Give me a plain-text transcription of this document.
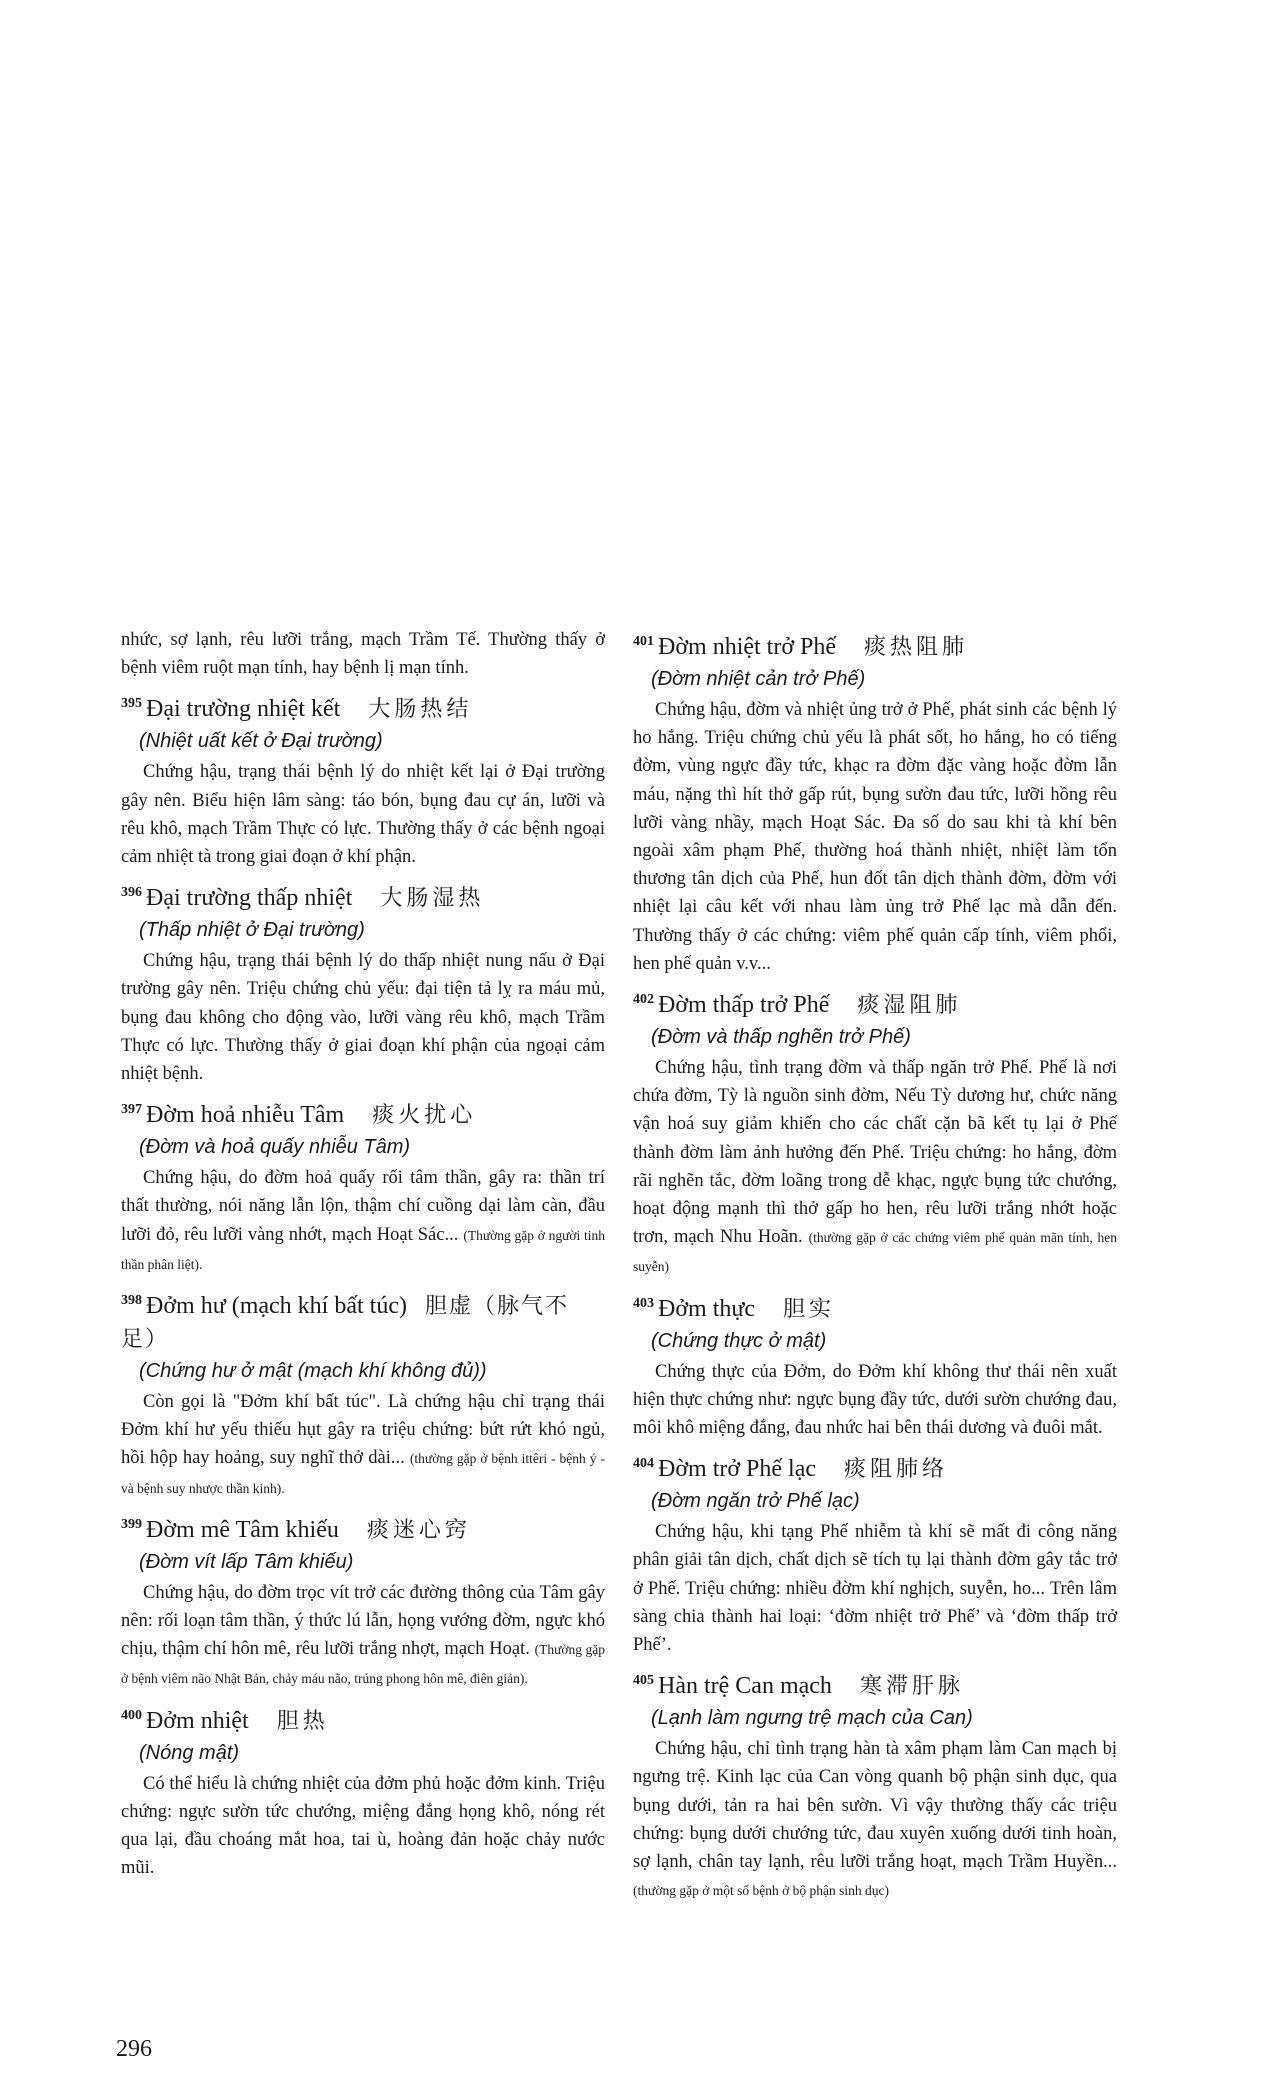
nhức, sợ lạnh, rêu lưỡi trắng, mạch Trầm Tế. Thường thấy ở bệnh viêm ruột mạn tính, hay bệnh lị mạn tính.

$^{395}$ Đại trường nhiệt kết 大肠热结
(Nhiệt uất kết ở Đại trường)

Chứng hậu, trạng thái bệnh lý do nhiệt kết lại ở Đại trường gây nên. Biểu hiện lâm sàng: táo bón, bụng đau cự án, lưỡi và rêu khô, mạch Trầm Thực có lực. Thường thấy ở các bệnh ngoại cảm nhiệt tà trong giai đoạn ở khí phận.

$^{396}$ Đại trường thấp nhiệt 大肠湿热
(Thấp nhiệt ở Đại trường)

Chứng hậu, trạng thái bệnh lý do thấp nhiệt nung nấu ở Đại trường gây nên. Triệu chứng chủ yếu: đại tiện tả lỵ ra máu mủ, bụng đau không cho động vào, lưỡi vàng rêu khô, mạch Trầm Thực có lực. Thường thấy ở giai đoạn khí phận của ngoại cảm nhiệt bệnh.

$^{397}$ Đờm hoả nhiễu Tâm 痰火扰心
(Đờm và hoả quấy nhiễu Tâm)

Chứng hậu, do đờm hoả quấy rối tâm thần, gây ra: thần trí thất thường, nói năng lẫn lộn, thậm chí cuồng dại làm càn, đầu lưỡi đỏ, rêu lưỡi vàng nhớt, mạch Hoạt Sác... (Thường gặp ở người tinh thần phân liệt).

$^{398}$ Đởm hư (mạch khí bất túc) 胆虚（脉气不足）
(Chứng hư ở mật (mạch khí không đủ))

Còn gọi là "Đởm khí bất túc". Là chứng hậu chỉ trạng thái Đởm khí hư yếu thiếu hụt gây ra triệu chứng: bứt rứt khó ngủ, hồi hộp hay hoảng, suy nghĩ thở dài... (thường gặp ở bệnh ittêri - bệnh ý - và bệnh suy nhược thần kinh).

$^{399}$ Đờm mê Tâm khiếu 痰迷心窍
(Đờm vít lấp Tâm khiếu)

Chứng hậu, do đờm trọc vít trở các đường thông của Tâm gây nên: rối loạn tâm thần, ý thức lú lẫn, họng vướng đờm, ngực khó chịu, thậm chí hôn mê, rêu lưỡi trắng nhợt, mạch Hoạt. (Thường gặp ở bệnh viêm não Nhật Bản, chảy máu não, trúng phong hôn mê, điên giản).

$^{400}$ Đởm nhiệt 胆热
(Nóng mật)

Có thể hiểu là chứng nhiệt của đởm phủ hoặc đởm kinh. Triệu chứng: ngực sườn tức chướng, miệng đắng họng khô, nóng rét qua lại, đầu choáng mắt hoa, tai ù, hoàng đản hoặc chảy nước mũi.

$^{401}$ Đờm nhiệt trở Phế 痰热阻肺
(Đờm nhiệt cản trở Phế)

Chứng hậu, đờm và nhiệt ủng trở ở Phế, phát sinh các bệnh lý ho hắng. Triệu chứng chủ yếu là phát sốt, ho hắng, ho có tiếng đờm, vùng ngực đầy tức, khạc ra đờm đặc vàng hoặc đờm lẫn máu, nặng thì hít thở gấp rút, bụng sườn đau tức, lưỡi hồng rêu lưỡi vàng nhầy, mạch Hoạt Sác. Đa số do sau khi tà khí bên ngoài xâm phạm Phế, thường hoá thành nhiệt, nhiệt làm tổn thương tân dịch của Phế, hun đốt tân dịch thành đờm, đờm với nhiệt lại câu kết với nhau làm ủng trở Phế lạc mà dẫn đến. Thường thấy ở các chứng: viêm phế quản cấp tính, viêm phổi, hen phế quản v.v...

$^{402}$ Đờm thấp trở Phế 痰湿阻肺
(Đờm và thấp nghẽn trở Phế)

Chứng hậu, tình trạng đờm và thấp ngăn trở Phế. Phế là nơi chứa đờm, Tỳ là nguồn sinh đờm, Nếu Tỳ dương hư, chức năng vận hoá suy giảm khiến cho các chất cặn bã kết tụ lại ở Phế thành đờm làm ảnh hưởng đến Phế. Triệu chứng: ho hắng, đờm rãi nghẽn tắc, đờm loãng trong dễ khạc, ngực bụng tức chướng, hoạt động mạnh thì thở gấp ho hen, rêu lưỡi trắng nhớt hoặc trơn, mạch Nhu Hoãn. (thường gặp ở các chứng viêm phế quản mãn tính, hen suyễn)

$^{403}$ Đởm thực 胆实
(Chứng thực ở mật)

Chứng thực của Đởm, do Đởm khí không thư thái nên xuất hiện thực chứng như: ngực bụng đầy tức, dưới sườn chướng đau, môi khô miệng đắng, đau nhức hai bên thái dương và đuôi mắt.

$^{404}$ Đờm trở Phế lạc 痰阻肺络
(Đờm ngăn trở Phế lạc)

Chứng hậu, khi tạng Phế nhiễm tà khí sẽ mất đi công năng phân giải tân dịch, chất dịch sẽ tích tụ lại thành đờm gây tắc trở ở Phế. Triệu chứng: nhiều đờm khí nghịch, suyễn, ho... Trên lâm sàng chia thành hai loại: ‘đờm nhiệt trở Phế’ và ‘đờm thấp trở Phế’.

$^{405}$ Hàn trệ Can mạch 寒滞肝脉
(Lạnh làm ngưng trệ mạch của Can)

Chứng hậu, chỉ tình trạng hàn tà xâm phạm làm Can mạch bị ngưng trệ. Kinh lạc của Can vòng quanh bộ phận sinh dục, qua bụng dưới, tản ra hai bên sườn. Vì vậy thường thấy các triệu chứng: bụng dưới chướng tức, đau xuyên xuống dưới tinh hoàn, sợ lạnh, chân tay lạnh, rêu lưỡi trắng hoạt, mạch Trầm Huyền... (thường gặp ở một số bệnh ở bộ phận sinh dục)

296
